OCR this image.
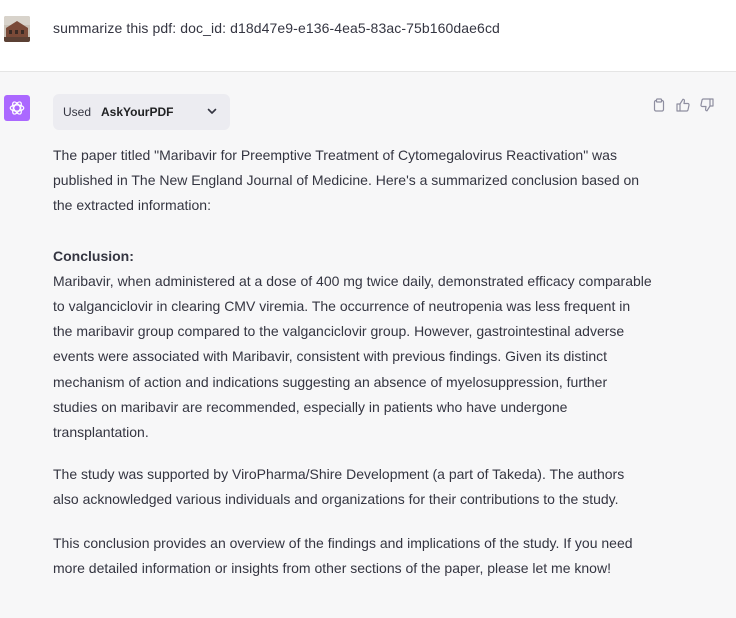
summarize this pdf: doc_id: d18d47e9-e136-4ea5-83ac-75b160dae6cd
Used AskYourPDF

The paper titled "Maribavir for Preemptive Treatment of Cytomegalovirus Reactivation" was published in The New England Journal of Medicine. Here's a summarized conclusion based on the extracted information:

Conclusion:

Maribavir, when administered at a dose of 400 mg twice daily, demonstrated efficacy comparable to valganciclovir in clearing CMV viremia. The occurrence of neutropenia was less frequent in the maribavir group compared to the valganciclovir group. However, gastrointestinal adverse events were associated with Maribavir, consistent with previous findings. Given its distinct mechanism of action and indications suggesting an absence of myelosuppression, further studies on maribavir are recommended, especially in patients who have undergone transplantation.

The study was supported by ViroPharma/Shire Development (a part of Takeda). The authors also acknowledged various individuals and organizations for their contributions to the study.

This conclusion provides an overview of the findings and implications of the study. If you need more detailed information or insights from other sections of the paper, please let me know!
